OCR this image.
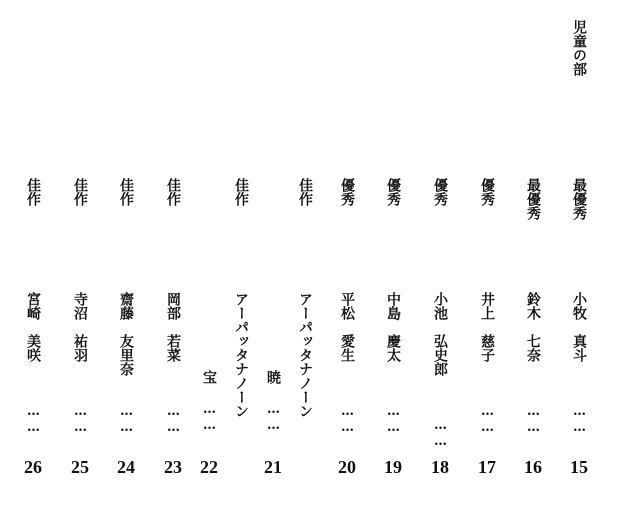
児童の部
最優秀
小牧真斗
……
15
最優秀
鈴木七奈
……
16
優秀
井上慈子
……
17
優秀
小池弘史郎
……
18
優秀
中島慶太
……
19
優秀
平松愛生
……
20
佳作
アーパッタナノーン
暁
……
21
佳作
アーパッタナノーン
宝
……
22
佳作
岡部若菜
……
23
佳作
齋藤友里奈
……
24
佳作
寺沼祐羽
……
25
佳作
宮崎美咲
……
26
